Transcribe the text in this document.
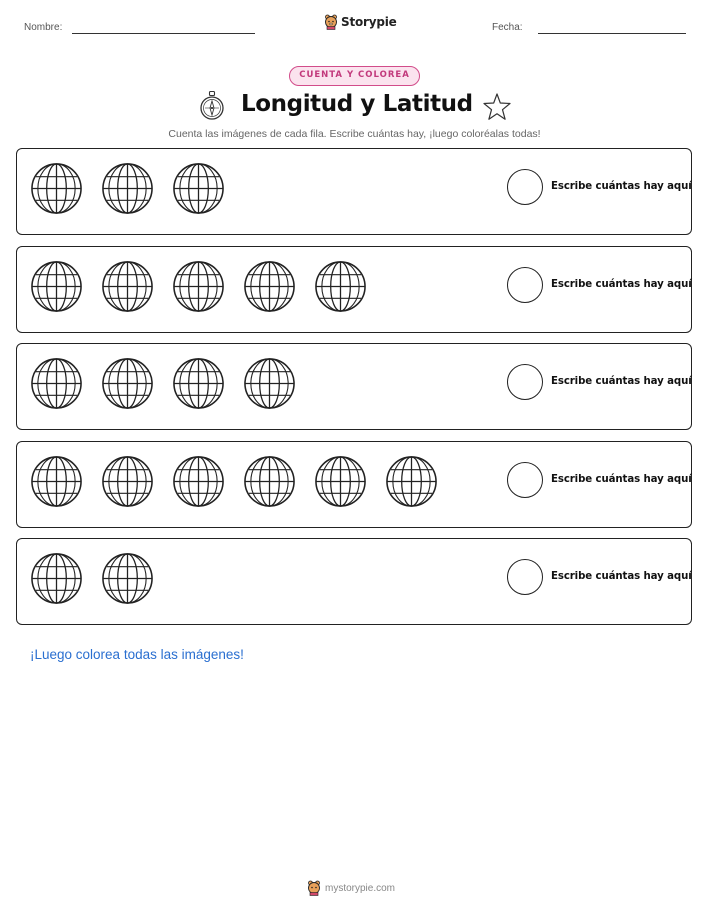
Nombre:	Storypie	Fecha:
CUENTA Y COLOREA
Longitud y Latitud
Cuenta las imágenes de cada fila. Escribe cuántas hay, ¡luego coloréalas todas!
Escribe cuántas hay aquí
Escribe cuántas hay aquí
Escribe cuántas hay aquí
Escribe cuántas hay aquí
Escribe cuántas hay aquí
¡Luego colorea todas las imágenes!
mystorypie.com
